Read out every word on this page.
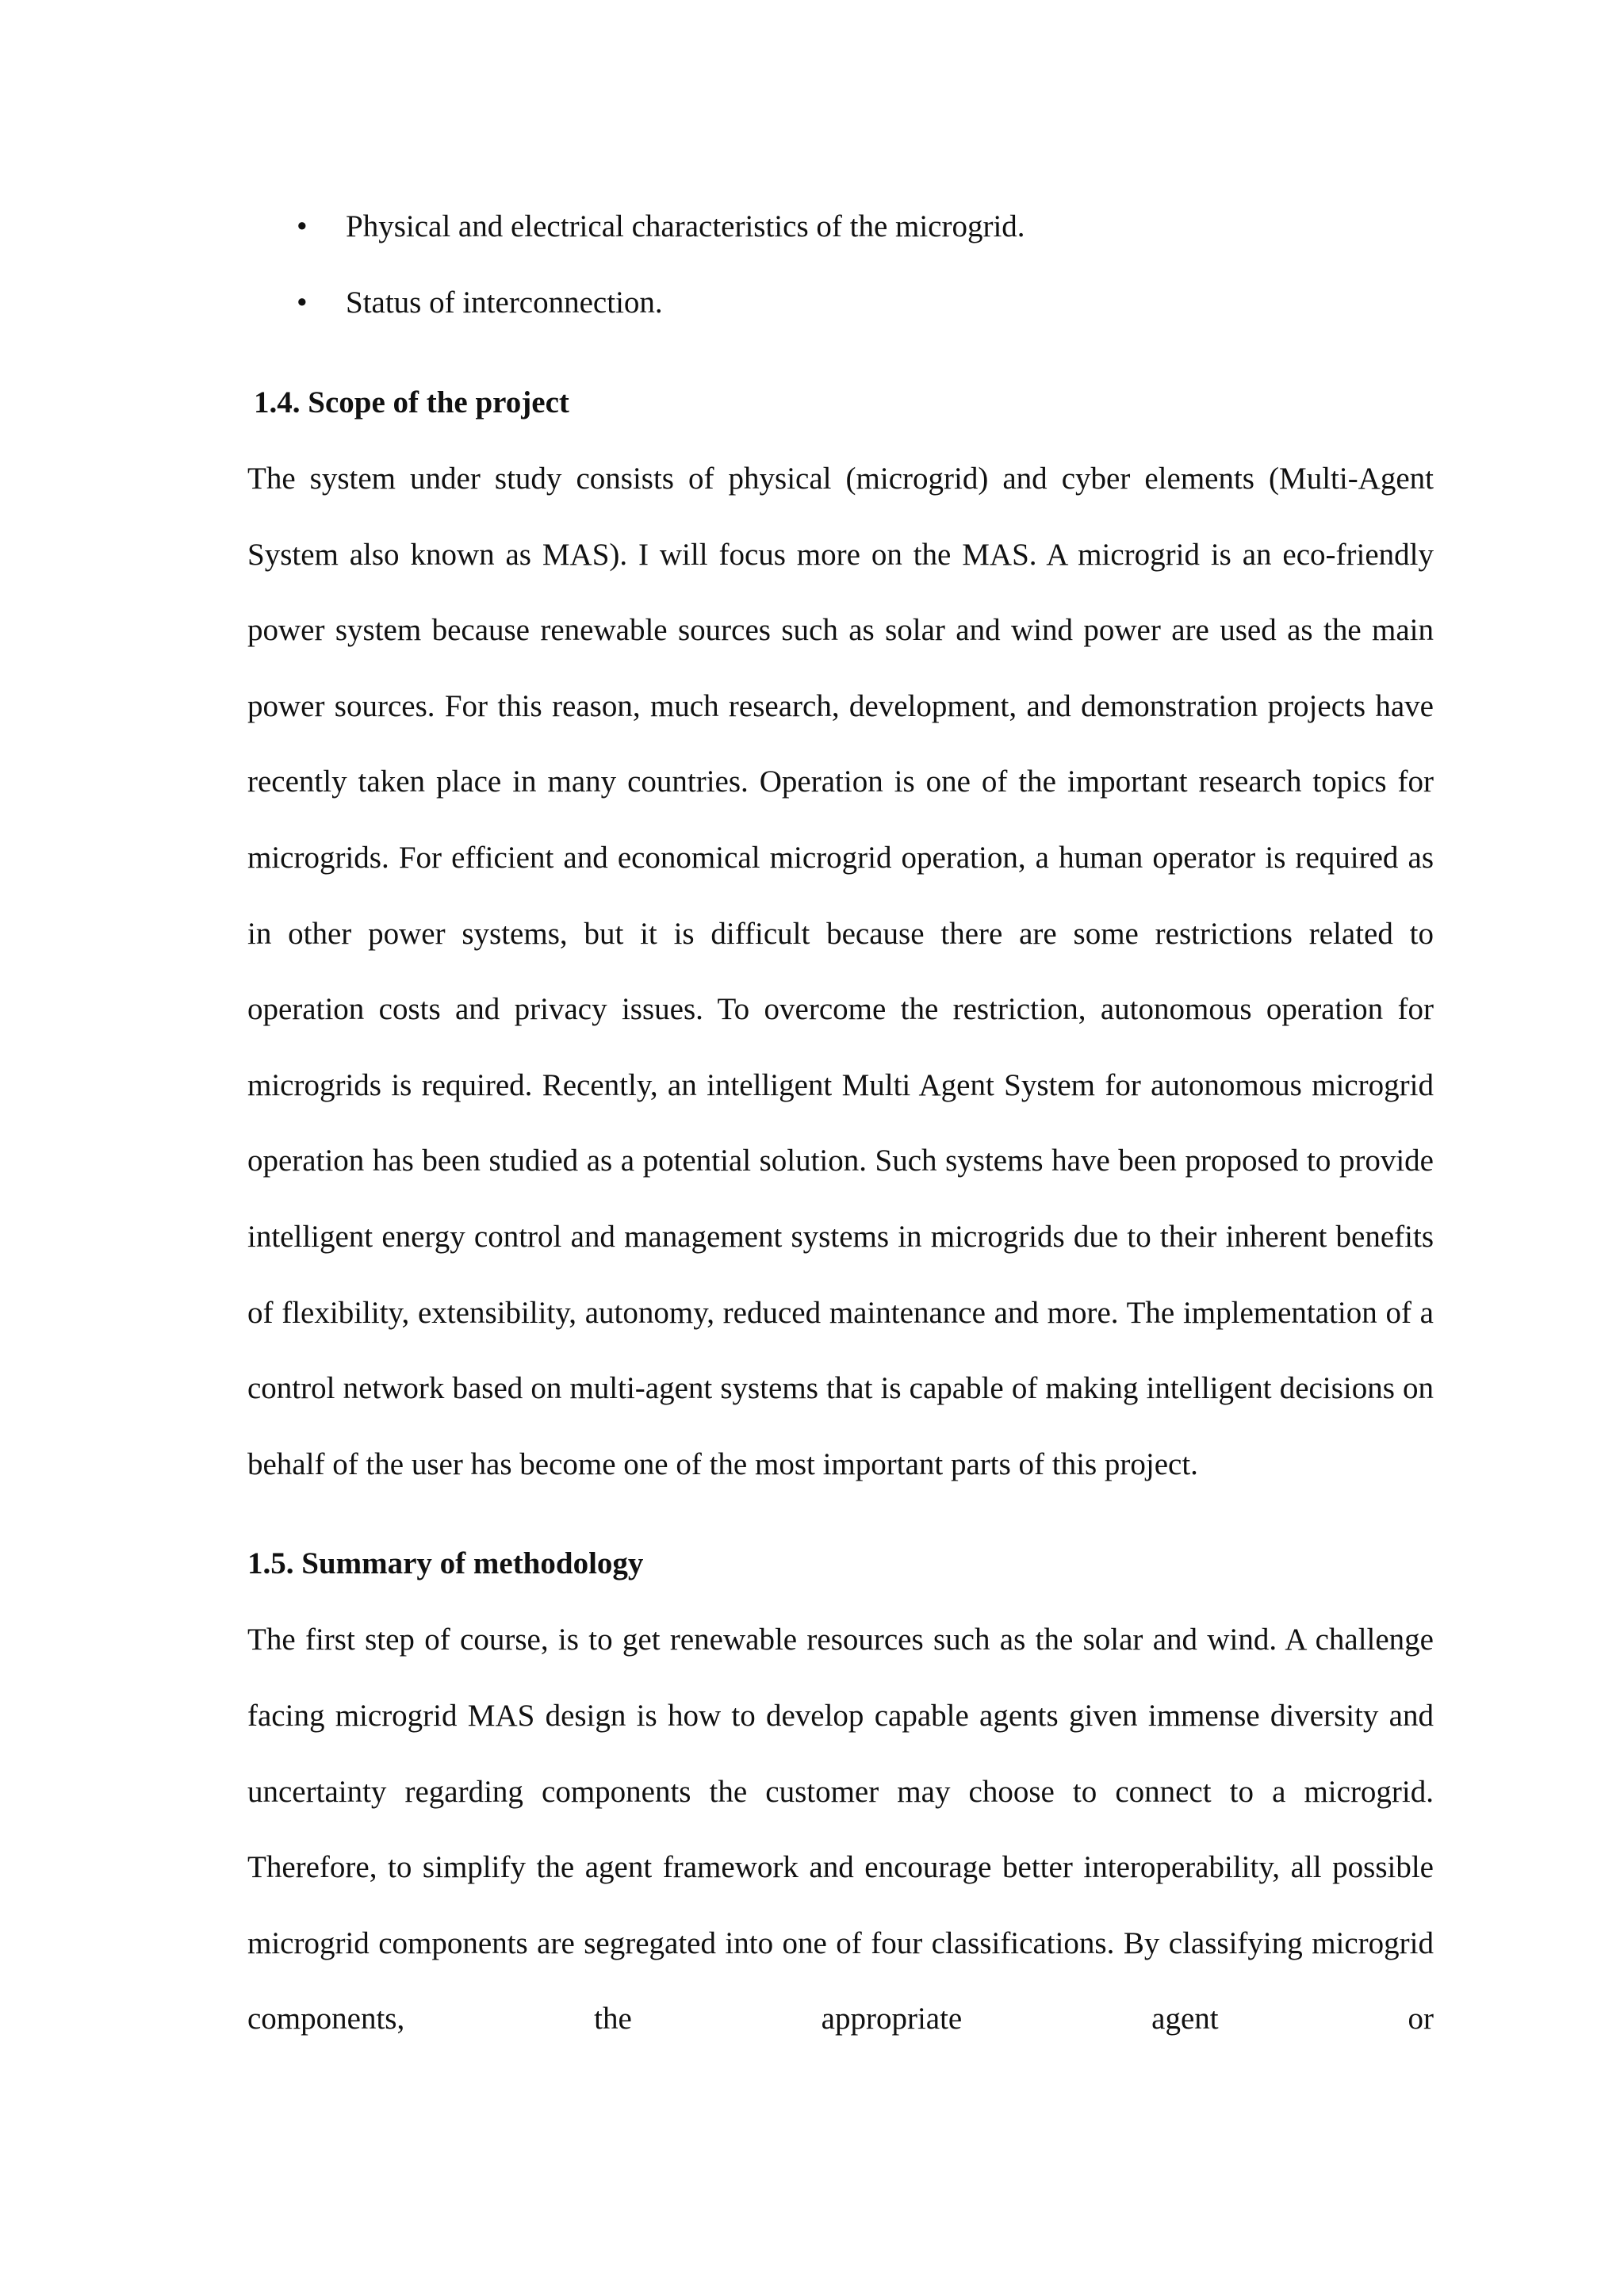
• Physical and electrical characteristics of the microgrid.
• Status of interconnection.
1.4. Scope of the project

The system under study consists of physical (microgrid) and cyber elements (Multi-Agent System also known as MAS). I will focus more on the MAS. A microgrid is an eco-friendly power system because renewable sources such as solar and wind power are used as the main power sources. For this reason, much research, development, and demonstration projects have recently taken place in many countries. Operation is one of the important research topics for microgrids. For efficient and economical microgrid operation, a human operator is required as in other power systems, but it is difficult because there are some restrictions related to operation costs and privacy issues. To overcome the restriction, autonomous operation for microgrids is required. Recently, an intelligent Multi Agent System for autonomous microgrid operation has been studied as a potential solution. Such systems have been proposed to provide intelligent energy control and management systems in microgrids due to their inherent benefits of flexibility, extensibility, autonomy, reduced maintenance and more. The implementation of a control network based on multi-agent systems that is capable of making intelligent decisions on behalf of the user has become one of the most important parts of this project.

1.5. Summary of methodology

The first step of course, is to get renewable resources such as the solar and wind. A challenge facing microgrid MAS design is how to develop capable agents given immense diversity and uncertainty regarding components the customer may choose to connect to a microgrid. Therefore, to simplify the agent framework and encourage better interoperability, all possible microgrid components are segregated into one of four classifications. By classifying microgrid components, the appropriate agent or
